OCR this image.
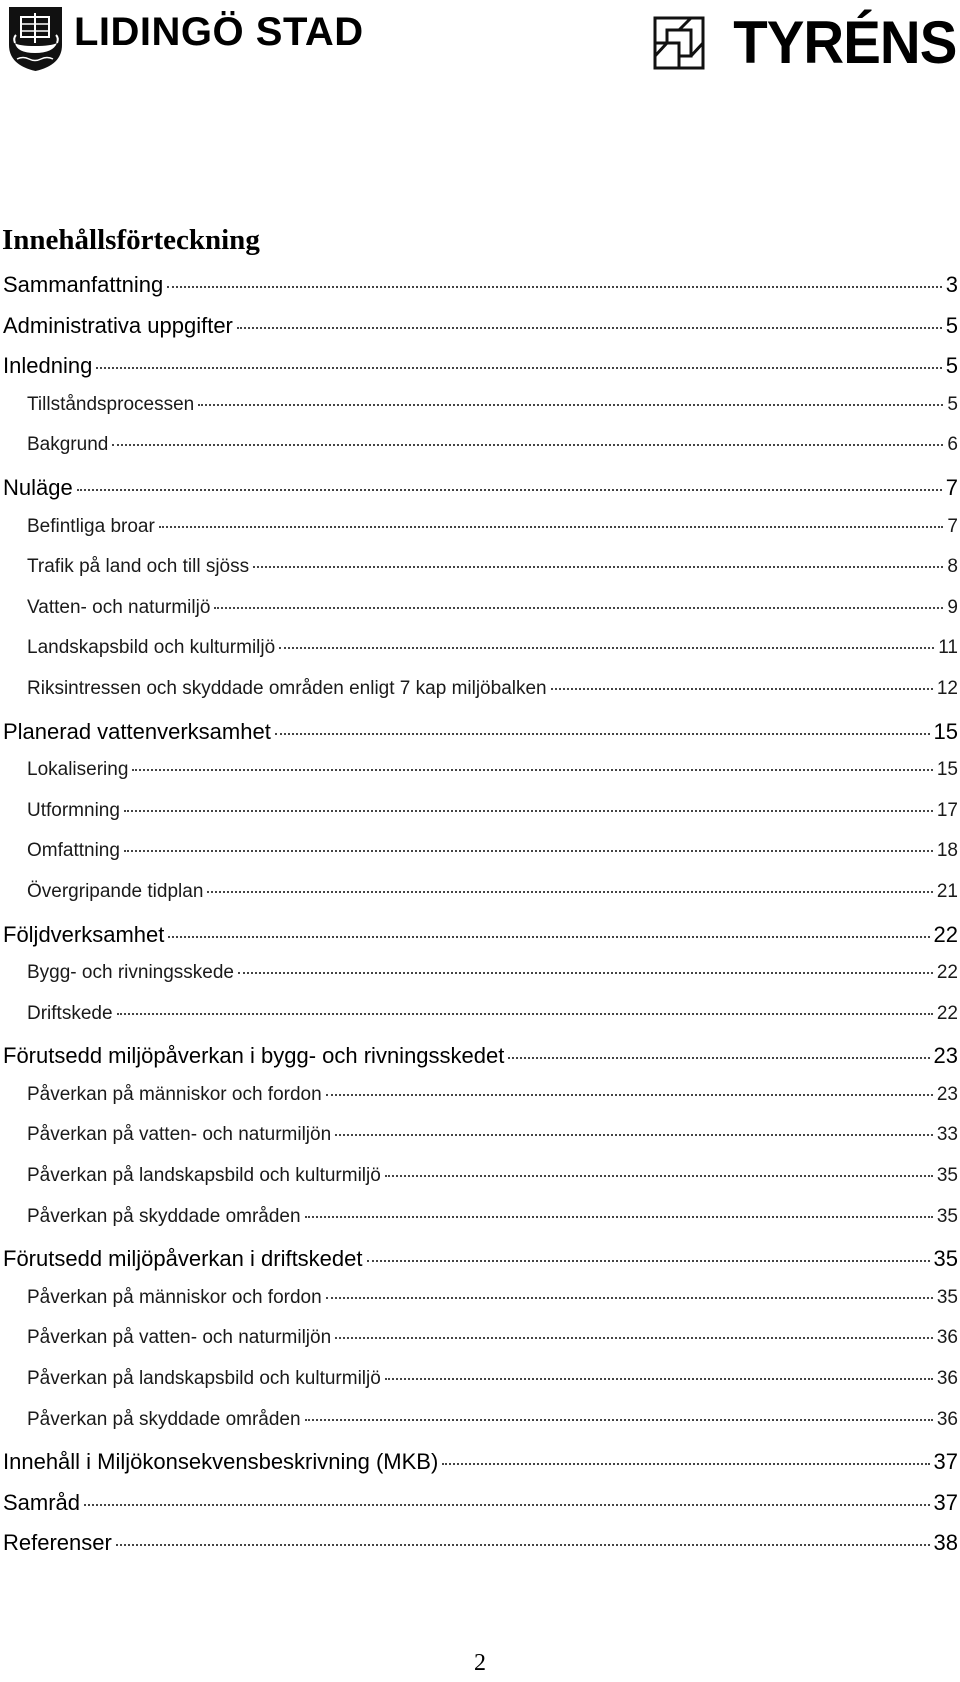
LIDINGÖ STAD	TYRÉNS
Innehållsförteckning
Sammanfattning	3
Administrativa uppgifter	5
Inledning	5
Tillståndsprocessen	5
Bakgrund	6
Nuläge	7
Befintliga broar	7
Trafik på land och till sjöss	8
Vatten- och naturmiljö	9
Landskapsbild och kulturmiljö	11
Riksintressen och skyddade områden enligt 7 kap miljöbalken	12
Planerad vattenverksamhet	15
Lokalisering	15
Utformning	17
Omfattning	18
Övergripande tidplan	21
Följdverksamhet	22
Bygg- och rivningsskede	22
Driftskede	22
Förutsedd miljöpåverkan i bygg- och rivningsskedet	23
Påverkan på människor och fordon	23
Påverkan på vatten- och naturmiljön	33
Påverkan på landskapsbild och kulturmiljö	35
Påverkan på skyddade områden	35
Förutsedd miljöpåverkan i driftskedet	35
Påverkan på människor och fordon	35
Påverkan på vatten- och naturmiljön	36
Påverkan på landskapsbild och kulturmiljö	36
Påverkan på skyddade områden	36
Innehåll i Miljökonsekvensbeskrivning (MKB)	37
Samråd	37
Referenser	38
2
